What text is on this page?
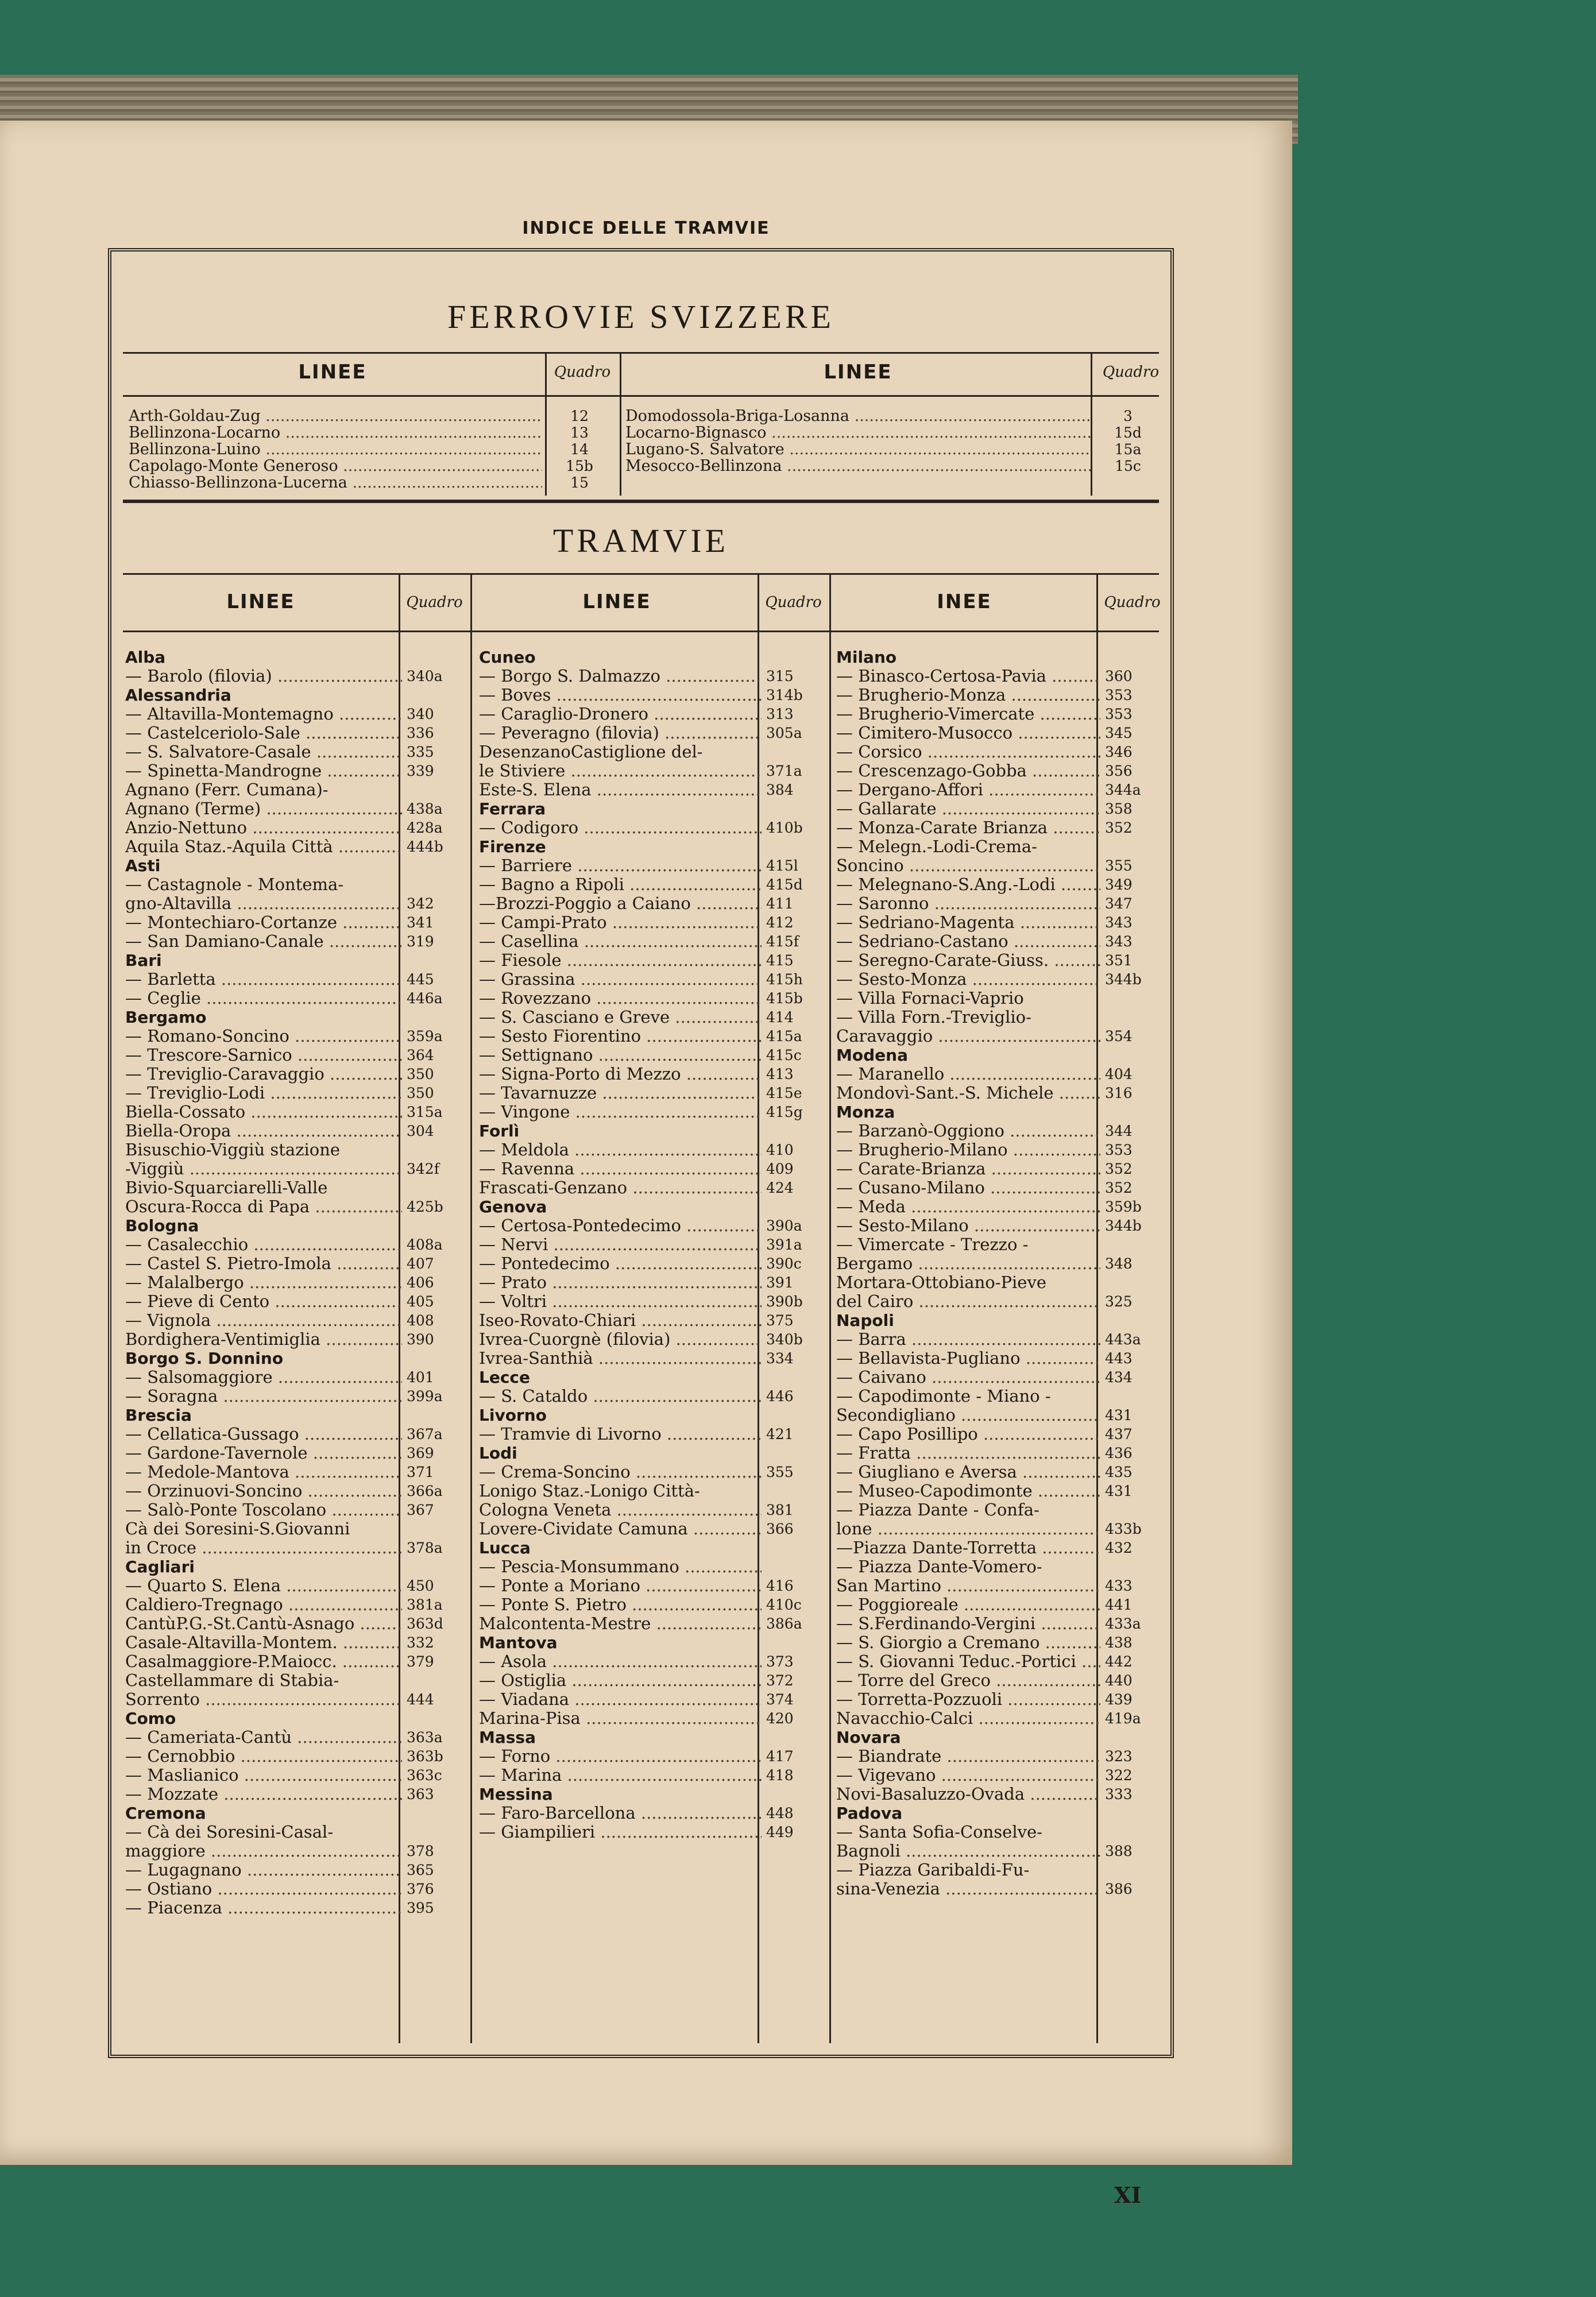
INDICE DELLE TRAMVIE
FERROVIE SVIZZERE
LINEE	Quadro	LINEE	Quadro
Arth-Goldau-Zug .....	12
Bellinzona-Locarno .....	13
Bellinzona-Luino .....	14
Capolago-Monte Generoso .....	15b
Chiasso-Bellinzona-Lucerna .....	15
Domodossola-Briga-Losanna .....	3
Locarno-Bignasco .....	15d
Lugano-S. Salvatore .....	15a
Mesocco-Bellinzona .....	15c
TRAMVIE
LINEE	Quadro	LINEE	Quadro	INEE	Quadro
Alba
— Barolo (filovia) .....	340a
Alessandria
— Altavilla-Montemagno .....	340
— Castelceriolo-Sale .....	336
— S. Salvatore-Casale .....	335
— Spinetta-Mandrogne .....	339
Agnano (Ferr. Cumana)-
Agnano (Terme) .....	438a
Anzio-Nettuno .....	428a
Aquila Staz.-Aquila Città .....	444b
Asti
— Castagnole - Montema-
gno-Altavilla .....	342
— Montechiaro-Cortanze .....	341
— San Damiano-Canale .....	319
Bari
— Barletta .....	445
— Ceglie .....	446a
Bergamo
— Romano-Soncino .....	359a
— Trescore-Sarnico .....	364
— Treviglio-Caravaggio .....	350
— Treviglio-Lodi .....	350
Biella-Cossato .....	315a
Biella-Oropa .....	304
Bisuschio-Viggiù stazione
-Viggiù .....	342f
Bivio-Squarciarelli-Valle
Oscura-Rocca di Papa .....	425b
Bologna
— Casalecchio .....	408a
— Castel S. Pietro-Imola .....	407
— Malalbergo .....	406
— Pieve di Cento .....	405
— Vignola .....	408
Bordighera-Ventimiglia .....	390
Borgo S. Donnino
— Salsomaggiore .....	401
— Soragna .....	399a
Brescia
— Cellatica-Gussago .....	367a
— Gardone-Tavernole .....	369
— Medole-Mantova .....	371
— Orzinuovi-Soncino .....	366a
— Salò-Ponte Toscolano .....	367
Cà dei Soresini-S.Giovanni
in Croce .....	378a
Cagliari
— Quarto S. Elena .....	450
Caldiero-Tregnago .....	381a
CantùP.G.-St.Cantù-Asnago .....	363d
Casale-Altavilla-Montem. .....	332
Casalmaggiore-P.Maiocc. .....	379
Castellammare di Stabia-
Sorrento .....	444
Como
— Cameriata-Cantù .....	363a
— Cernobbio .....	363b
— Maslianico .....	363c
— Mozzate .....	363
Cremona
— Cà dei Soresini-Casal-
maggiore .....	378
— Lugagnano .....	365
— Ostiano .....	376
— Piacenza .....	395
Cuneo
— Borgo S. Dalmazzo .....	315
— Boves .....	314b
— Caraglio-Dronero .....	313
— Peveragno (filovia) .....	305a
DesenzanoCastiglione del-
le Stiviere .....	371a
Este-S. Elena .....	384
Ferrara
— Codigoro .....	410b
Firenze
— Barriere .....	415l
— Bagno a Ripoli .....	415d
—Brozzi-Poggio a Caiano .....	411
— Campi-Prato .....	412
— Casellina .....	415f
— Fiesole .....	415
— Grassina .....	415h
— Rovezzano .....	415b
— S. Casciano e Greve .....	414
— Sesto Fiorentino .....	415a
— Settignano .....	415c
— Signa-Porto di Mezzo .....	413
— Tavarnuzze .....	415e
— Vingone .....	415g
Forlì
— Meldola .....	410
— Ravenna .....	409
Frascati-Genzano .....	424
Genova
— Certosa-Pontedecimo .....	390a
— Nervi .....	391a
— Pontedecimo .....	390c
— Prato .....	391
— Voltri .....	390b
Iseo-Rovato-Chiari .....	375
Ivrea-Cuorgnè (filovia) .....	340b
Ivrea-Santhià .....	334
Lecce
— S. Cataldo .....	446
Livorno
— Tramvie di Livorno .....	421
Lodi
— Crema-Soncino .....	355
Lonigo Staz.-Lonigo Città-
Cologna Veneta .....	381
Lovere-Cividate Camuna .....	366
Lucca
— Pescia-Monsummano .....
— Ponte a Moriano .....	416
— Ponte S. Pietro .....	410c
Malcontenta-Mestre .....	386a
Mantova
— Asola .....	373
— Ostiglia .....	372
— Viadana .....	374
Marina-Pisa .....	420
Massa
— Forno .....	417
— Marina .....	418
Messina
— Faro-Barcellona .....	448
— Giampilieri .....	449
Milano
— Binasco-Certosa-Pavia .....	360
— Brugherio-Monza .....	353
— Brugherio-Vimercate .....	353
— Cimitero-Musocco .....	345
— Corsico .....	346
— Crescenzago-Gobba .....	356
— Dergano-Affori .....	344a
— Gallarate .....	358
— Monza-Carate Brianza .....	352
— Melegn.-Lodi-Crema-
Soncino .....	355
— Melegnano-S.Ang.-Lodi .....	349
— Saronno .....	347
— Sedriano-Magenta .....	343
— Sedriano-Castano .....	343
— Seregno-Carate-Giuss. .....	351
— Sesto-Monza .....	344b
— Villa Fornaci-Vaprio
— Villa Forn.-Treviglio-
Caravaggio .....	354
Modena
— Maranello .....	404
Mondovì-Sant.-S. Michele .....	316
Monza
— Barzanò-Oggiono .....	344
— Brugherio-Milano .....	353
— Carate-Brianza .....	352
— Cusano-Milano .....	352
— Meda .....	359b
— Sesto-Milano .....	344b
— Vimercate - Trezzo -
Bergamo .....	348
Mortara-Ottobiano-Pieve
del Cairo .....	325
Napoli
— Barra .....	443a
— Bellavista-Pugliano .....	443
— Caivano .....	434
— Capodimonte - Miano -
Secondigliano .....	431
— Capo Posillipo .....	437
— Fratta .....	436
— Giugliano e Aversa .....	435
— Museo-Capodimonte .....	431
— Piazza Dante - Confa-
lone .....	433b
—Piazza Dante-Torretta .....	432
— Piazza Dante-Vomero-
San Martino .....	433
— Poggioreale .....	441
— S.Ferdinando-Vergini .....	433a
— S. Giorgio a Cremano .....	438
— S. Giovanni Teduc.-Portici .....	442
— Torre del Greco .....	440
— Torretta-Pozzuoli .....	439
Navacchio-Calci .....	419a
Novara
— Biandrate .....	323
— Vigevano .....	322
Novi-Basaluzzo-Ovada .....	333
Padova
— Santa Sofia-Conselve-
Bagnoli .....	388
— Piazza Garibaldi-Fu-
sina-Venezia .....	386
XI
